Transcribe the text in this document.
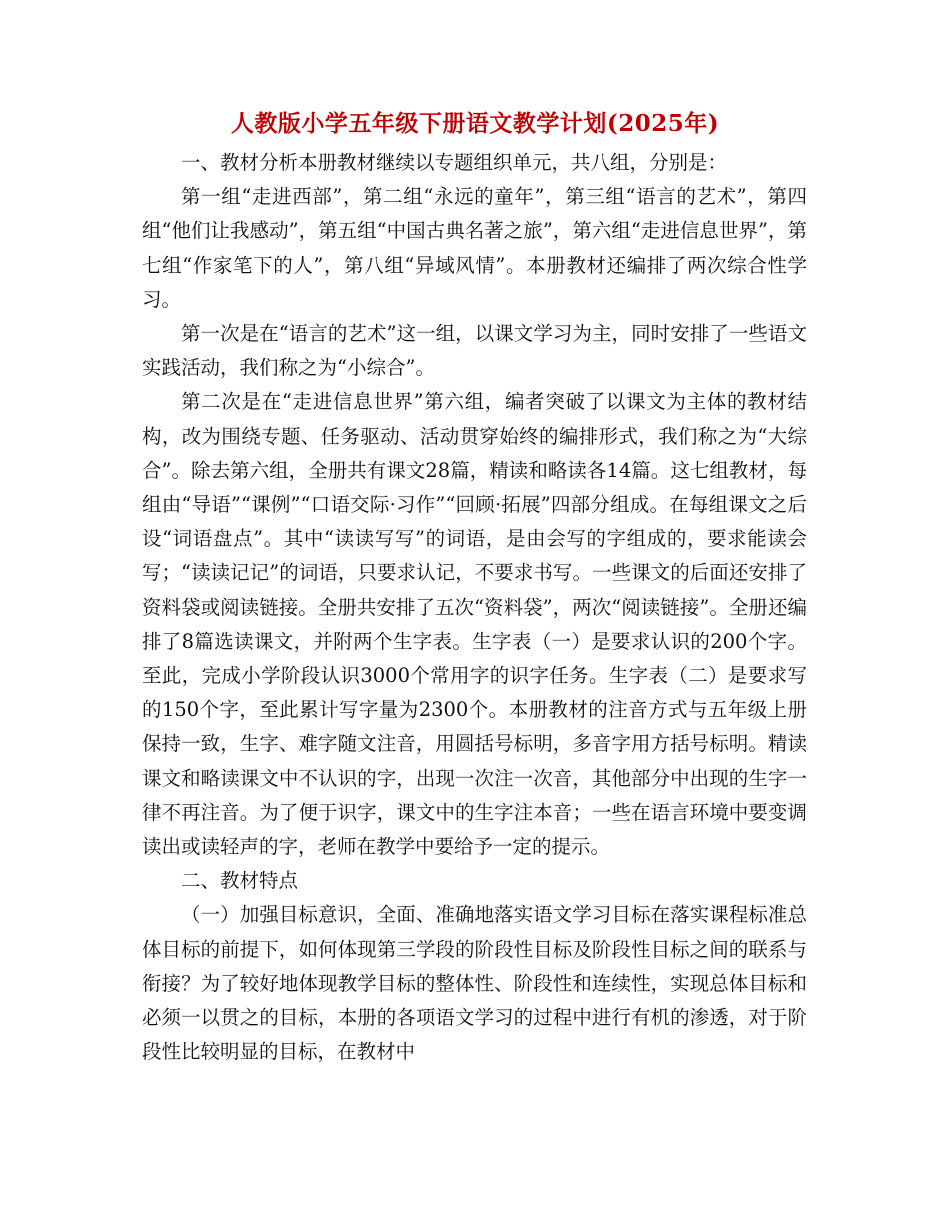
人教版小学五年级下册语文教学计划(2025年)

一、教材分析本册教材继续以专题组织单元，共八组，分别是：

第一组“走进西部”，第二组“永远的童年”，第三组“语言的艺术”，第四组“他们让我感动”，第五组“中国古典名著之旅”，第六组“走进信息世界”，第七组“作家笔下的人”，第八组“异域风情”。本册教材还编排了两次综合性学习。

第一次是在“语言的艺术”这一组，以课文学习为主，同时安排了一些语文实践活动，我们称之为“小综合”。

第二次是在“走进信息世界”第六组，编者突破了以课文为主体的教材结构，改为围绕专题、任务驱动、活动贯穿始终的编排形式，我们称之为“大综合”。除去第六组，全册共有课文28篇，精读和略读各14篇。这七组教材，每组由“导语”“课例”“口语交际·习作”“回顾·拓展”四部分组成。在每组课文之后设“词语盘点”。其中“读读写写”的词语，是由会写的字组成的，要求能读会写；“读读记记”的词语，只要求认记，不要求书写。一些课文的后面还安排了资料袋或阅读链接。全册共安排了五次“资料袋”，两次“阅读链接”。全册还编排了8篇选读课文，并附两个生字表。生字表（一）是要求认识的200个字。至此，完成小学阶段认识3000个常用字的识字任务。生字表（二）是要求写的150个字，至此累计写字量为2300个。本册教材的注音方式与五年级上册保持一致，生字、难字随文注音，用圆括号标明，多音字用方括号标明。精读课文和略读课文中不认识的字，出现一次注一次音，其他部分中出现的生字一律不再注音。为了便于识字，课文中的生字注本音；一些在语言环境中要变调读出或读轻声的字，老师在教学中要给予一定的提示。

二、教材特点

（一）加强目标意识，全面、准确地落实语文学习目标在落实课程标准总体目标的前提下，如何体现第三学段的阶段性目标及阶段性目标之间的联系与衔接？为了较好地体现教学目标的整体性、阶段性和连续性，实现总体目标和必须一以贯之的目标，本册的各项语文学习的过程中进行有机的渗透，对于阶段性比较明显的目标，在教材中
